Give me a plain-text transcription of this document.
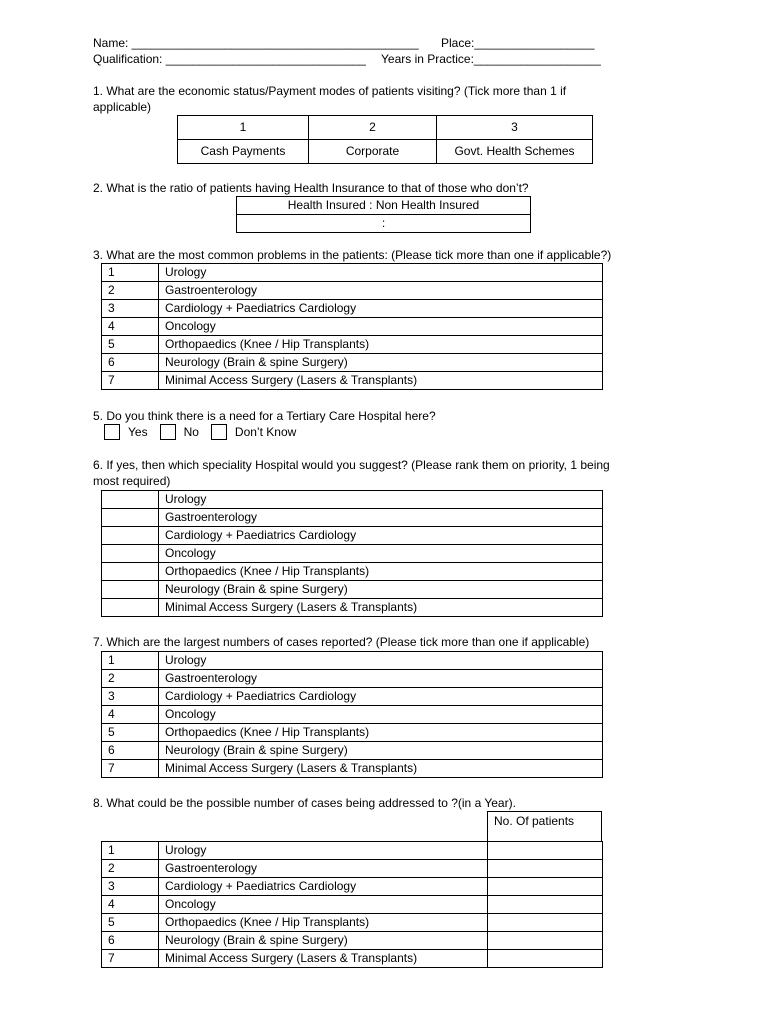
Name: ___________________________________________ Place:__________________
Qualification: ______________________________ Years in Practice:___________________
1. What are the economic status/Payment modes of patients visiting? (Tick more than 1 if
applicable)
1	2	3
Cash Payments	Corporate	Govt. Health Schemes
2. What is the ratio of patients having Health Insurance to that of those who don’t?
Health Insured : Non Health Insured
:
3. What are the most common problems in the patients: (Please tick more than one if applicable?)
1	Urology
2	Gastroenterology
3	Cardiology + Paediatrics Cardiology
4	Oncology
5	Orthopaedics (Knee / Hip Transplants)
6	Neurology (Brain & spine Surgery)
7	Minimal Access Surgery (Lasers & Transplants)
5. Do you think there is a need for a Tertiary Care Hospital here?
Yes	No	Don’t Know
6. If yes, then which speciality Hospital would you suggest? (Please rank them on priority, 1 being
most required)
	Urology
	Gastroenterology
	Cardiology + Paediatrics Cardiology
	Oncology
	Orthopaedics (Knee / Hip Transplants)
	Neurology (Brain & spine Surgery)
	Minimal Access Surgery (Lasers & Transplants)
7. Which are the largest numbers of cases reported? (Please tick more than one if applicable)
1	Urology
2	Gastroenterology
3	Cardiology + Paediatrics Cardiology
4	Oncology
5	Orthopaedics (Knee / Hip Transplants)
6	Neurology (Brain & spine Surgery)
7	Minimal Access Surgery (Lasers & Transplants)
8. What could be the possible number of cases being addressed to ?(in a Year).
No. Of patients
1	Urology	
2	Gastroenterology	
3	Cardiology + Paediatrics Cardiology	
4	Oncology	
5	Orthopaedics (Knee / Hip Transplants)	
6	Neurology (Brain & spine Surgery)	
7	Minimal Access Surgery (Lasers & Transplants)	
